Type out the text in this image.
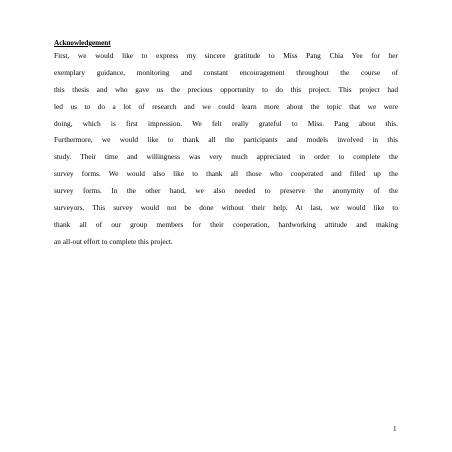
Acknowledgement
First, we would like to express my sincere gratitude to Miss Pang Chia Yee for her
exemplary guidance, monitoring and constant encouragement throughout the course of
this thesis and who gave us the precious opportunity to do this project. This project had
led us to do a lot of research and we could learn more about the topic that we were
doing, which is first impression. We felt really grateful to Miss. Pang about this.
Furthermore, we would like to thank all the participants and models involved in this
study. Their time and willingness was very much appreciated in order to complete the
survey forms. We would also like to thank all those who cooperated and filled up the
survey forms. In the other hand, we also needed to preserve the anonymity of the
surveyors. This survey would not be done without their help. At last, we would like to
thank all of our group members for their cooperation, hardworking attitude and making
an all-out effort to complete this project.
1
